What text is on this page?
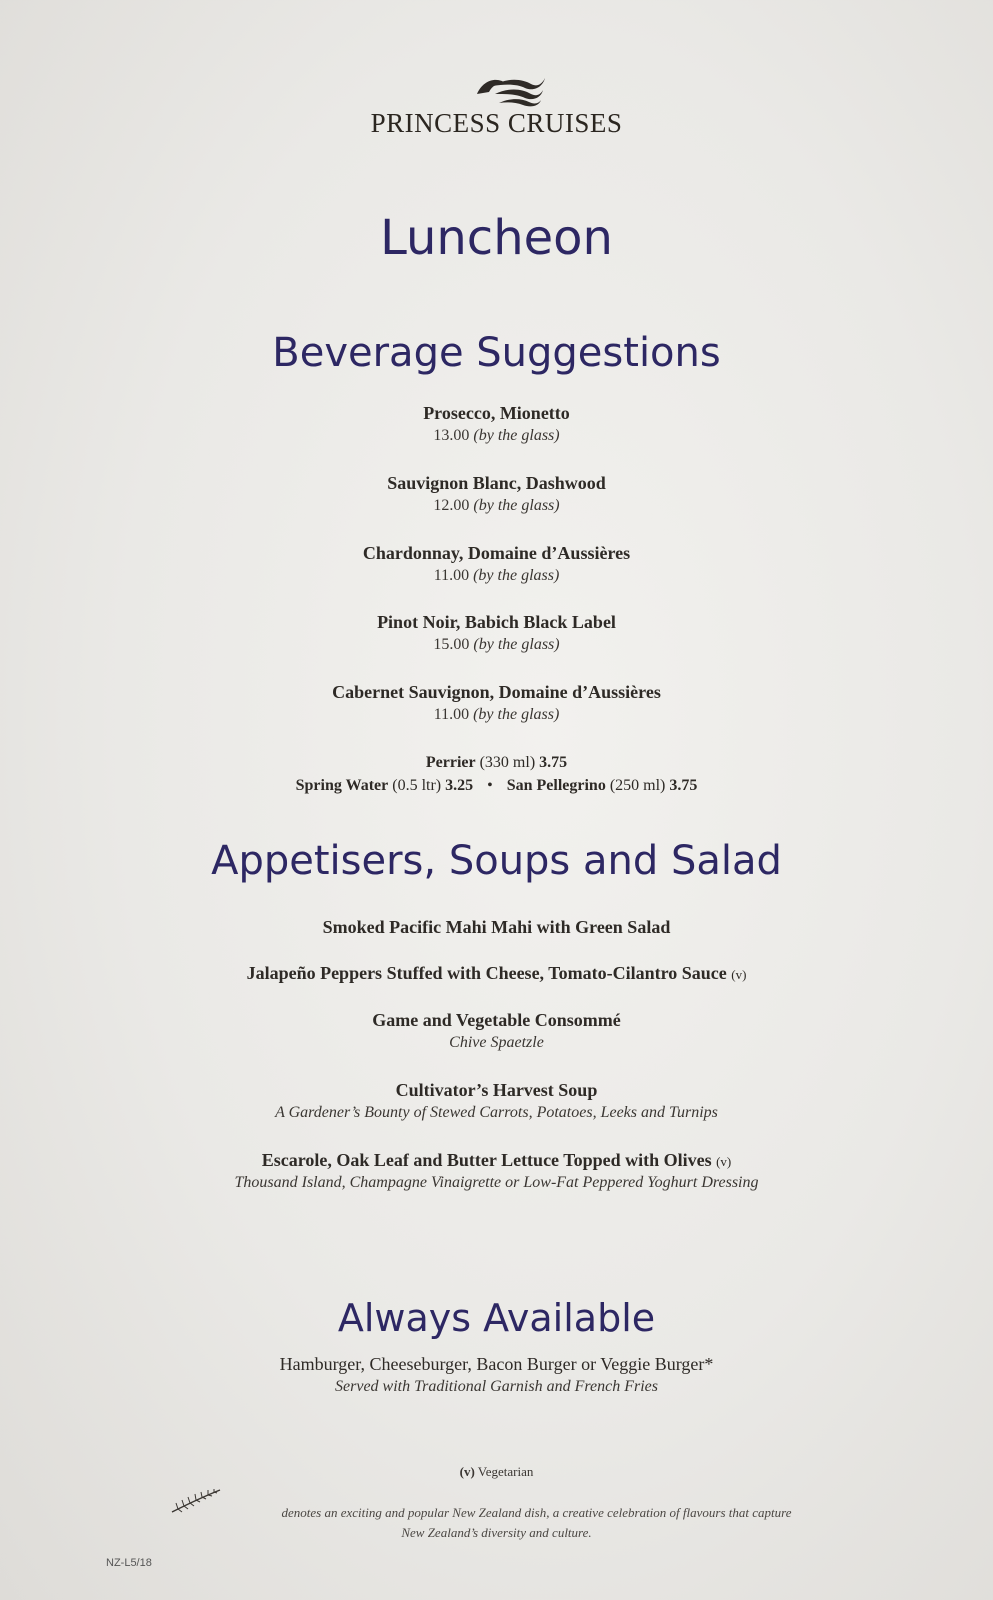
PRINCESS CRUISES
Luncheon
Beverage Suggestions
Prosecco, Mionetto
13.00 (by the glass)
Sauvignon Blanc, Dashwood
12.00 (by the glass)
Chardonnay, Domaine d’Aussières
11.00 (by the glass)
Pinot Noir, Babich Black Label
15.00 (by the glass)
Cabernet Sauvignon, Domaine d’Aussières
11.00 (by the glass)
Perrier (330 ml) 3.75
Spring Water (0.5 ltr) 3.25 • San Pellegrino (250 ml) 3.75
Appetisers, Soups and Salad
Smoked Pacific Mahi Mahi with Green Salad
Jalapeño Peppers Stuffed with Cheese, Tomato-Cilantro Sauce (v)
Game and Vegetable Consommé
Chive Spaetzle
Cultivator’s Harvest Soup
A Gardener’s Bounty of Stewed Carrots, Potatoes, Leeks and Turnips
Escarole, Oak Leaf and Butter Lettuce Topped with Olives (v)
Thousand Island, Champagne Vinaigrette or Low-Fat Peppered Yoghurt Dressing
Always Available
Hamburger, Cheeseburger, Bacon Burger or Veggie Burger*
Served with Traditional Garnish and French Fries
(v) Vegetarian
denotes an exciting and popular New Zealand dish, a creative celebration of flavours that capture
New Zealand’s diversity and culture.
NZ-L5/18
